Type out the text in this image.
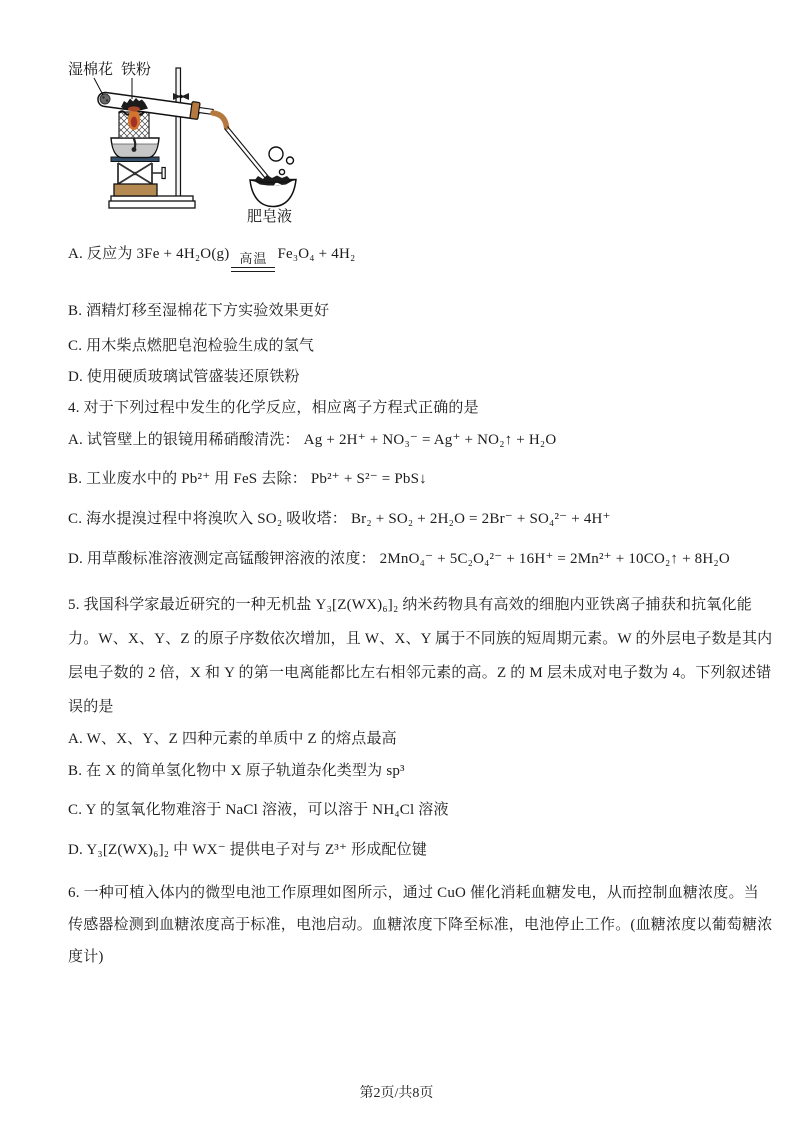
湿棉花 铁粉
肥皂液
A. 反应为 3Fe + 4H₂O(g) 高温 Fe₃O₄ + 4H₂
B. 酒精灯移至湿棉花下方实验效果更好
C. 用木柴点燃肥皂泡检验生成的氢气
D. 使用硬质玻璃试管盛装还原铁粉
4. 对于下列过程中发生的化学反应，相应离子方程式正确的是
A. 试管壁上的银镜用稀硝酸清洗： Ag + 2H⁺ + NO₃⁻ = Ag⁺ + NO₂↑ + H₂O
B. 工业废水中的 Pb²⁺ 用 FeS 去除： Pb²⁺ + S²⁻ = PbS↓
C. 海水提溴过程中将溴吹入 SO₂ 吸收塔： Br₂ + SO₂ + 2H₂O = 2Br⁻ + SO₄²⁻ + 4H⁺
D. 用草酸标准溶液测定高锰酸钾溶液的浓度： 2MnO₄⁻ + 5C₂O₄²⁻ + 16H⁺ = 2Mn²⁺ + 10CO₂↑ + 8H₂O
5. 我国科学家最近研究的一种无机盐 Y₃[Z(WX)₆]₂ 纳米药物具有高效的细胞内亚铁离子捕获和抗氧化能
力。W、X、Y、Z 的原子序数依次增加，且 W、X、Y 属于不同族的短周期元素。W 的外层电子数是其内
层电子数的 2 倍，X 和 Y 的第一电离能都比左右相邻元素的高。Z 的 M 层未成对电子数为 4。下列叙述错
误的是
A. W、X、Y、Z 四种元素的单质中 Z 的熔点最高
B. 在 X 的简单氢化物中 X 原子轨道杂化类型为 sp³
C. Y 的氢氧化物难溶于 NaCl 溶液，可以溶于 NH₄Cl 溶液
D. Y₃[Z(WX)₆]₂ 中 WX⁻ 提供电子对与 Z³⁺ 形成配位键
6. 一种可植入体内的微型电池工作原理如图所示，通过 CuO 催化消耗血糖发电，从而控制血糖浓度。当
传感器检测到血糖浓度高于标准，电池启动。血糖浓度下降至标准，电池停止工作。(血糖浓度以葡萄糖浓
度计)
第2页/共8页
